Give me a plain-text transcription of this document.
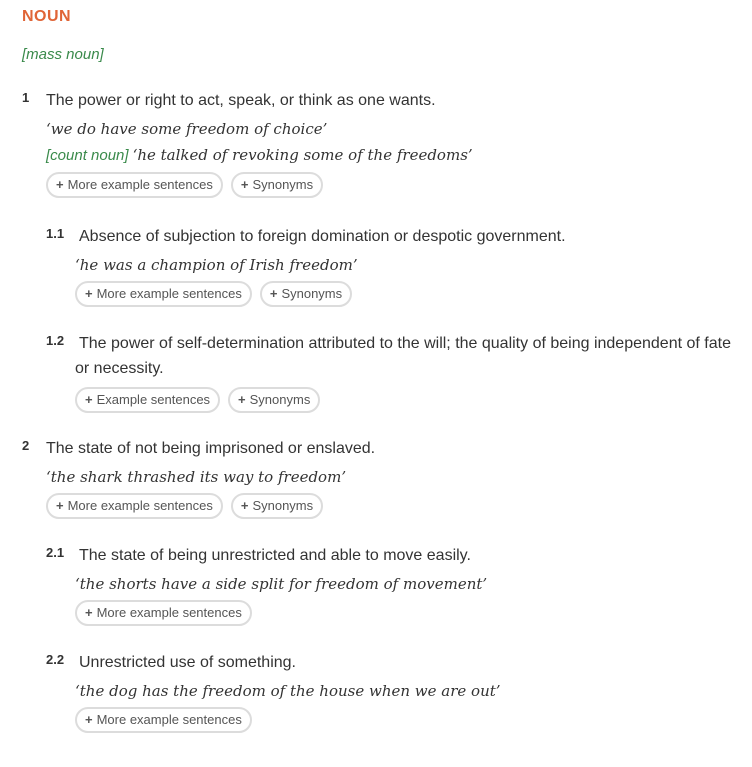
NOUN
[mass noun]
1 The power or right to act, speak, or think as one wants.
‘we do have some freedom of choice’
[count noun] ‘he talked of revoking some of the freedoms’
+ More example sentences	+ Synonyms
1.1 Absence of subjection to foreign domination or despotic government.
‘he was a champion of Irish freedom’
+ More example sentences	+ Synonyms
1.2 The power of self-determination attributed to the will; the quality of being independent of fate or necessity.
+ Example sentences	+ Synonyms
2 The state of not being imprisoned or enslaved.
‘the shark thrashed its way to freedom’
+ More example sentences	+ Synonyms
2.1 The state of being unrestricted and able to move easily.
‘the shorts have a side split for freedom of movement’
+ More example sentences
2.2 Unrestricted use of something.
‘the dog has the freedom of the house when we are out’
+ More example sentences
